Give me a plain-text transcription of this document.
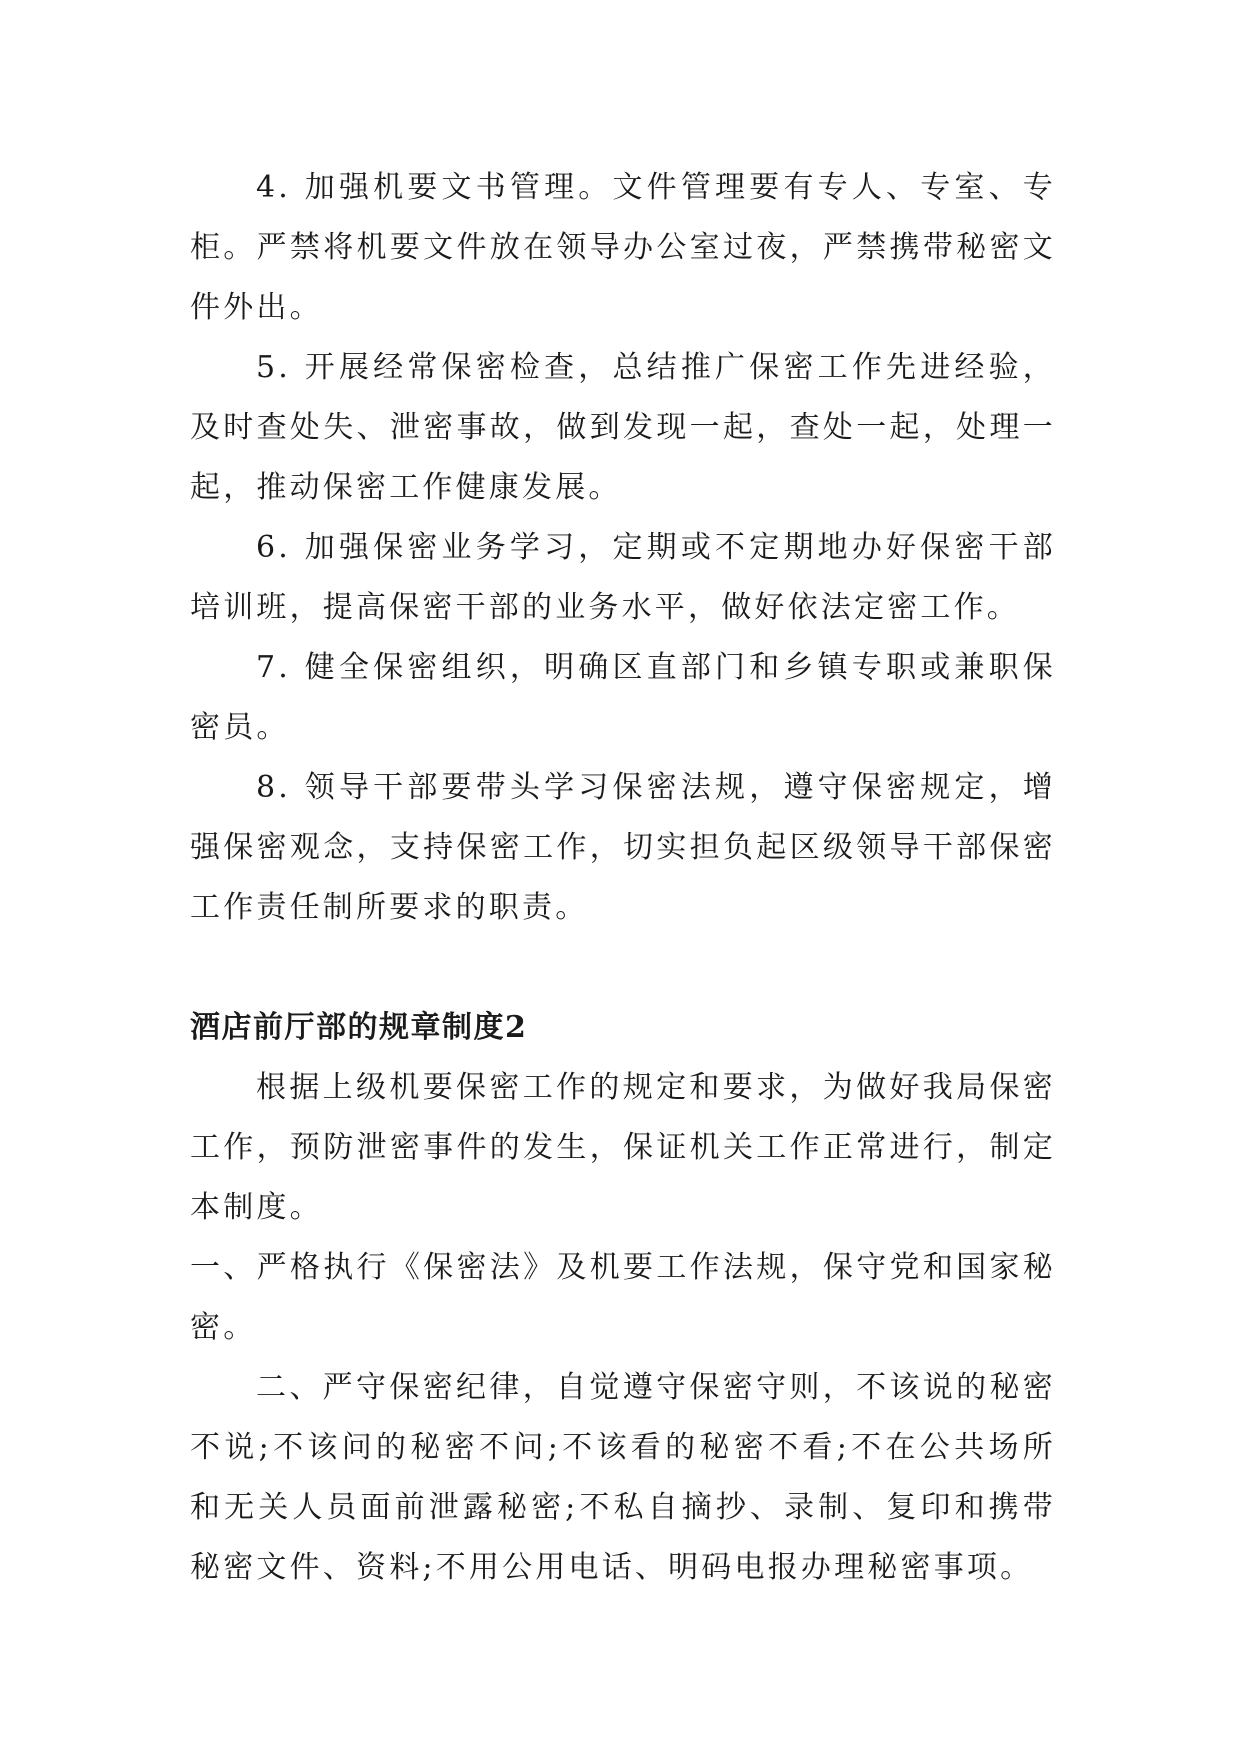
4. 加强机要文书管理。文件管理要有专人、专室、专柜。严禁将机要文件放在领导办公室过夜，严禁携带秘密文件外出。

5. 开展经常保密检查，总结推广保密工作先进经验，及时查处失、泄密事故，做到发现一起，查处一起，处理一起，推动保密工作健康发展。

6. 加强保密业务学习，定期或不定期地办好保密干部培训班，提高保密干部的业务水平，做好依法定密工作。

7. 健全保密组织，明确区直部门和乡镇专职或兼职保密员。

8. 领导干部要带头学习保密法规，遵守保密规定，增强保密观念，支持保密工作，切实担负起区级领导干部保密工作责任制所要求的职责。

酒店前厅部的规章制度2

根据上级机要保密工作的规定和要求，为做好我局保密工作，预防泄密事件的发生，保证机关工作正常进行，制定本制度。

一、严格执行《保密法》及机要工作法规，保守党和国家秘密。

二、严守保密纪律，自觉遵守保密守则，不该说的秘密不说;不该问的秘密不问;不该看的秘密不看;不在公共场所和无关人员面前泄露秘密;不私自摘抄、录制、复印和携带秘密文件、资料;不用公用电话、明码电报办理秘密事项。
